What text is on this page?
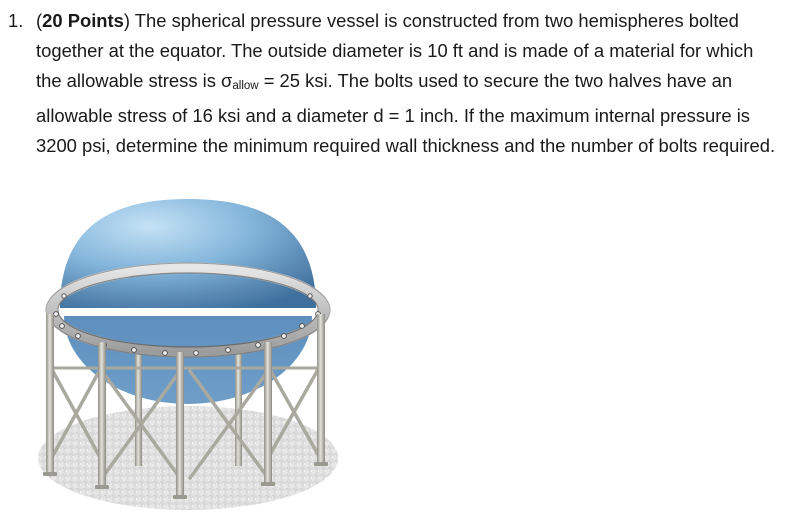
1. (20 Points) The spherical pressure vessel is constructed from two hemispheres bolted together at the equator. The outside diameter is 10 ft and is made of a material for which the allowable stress is σallow = 25 ksi. The bolts used to secure the two halves have an allowable stress of 16 ksi and a diameter d = 1 inch. If the maximum internal pressure is 3200 psi, determine the minimum required wall thickness and the number of bolts required.
